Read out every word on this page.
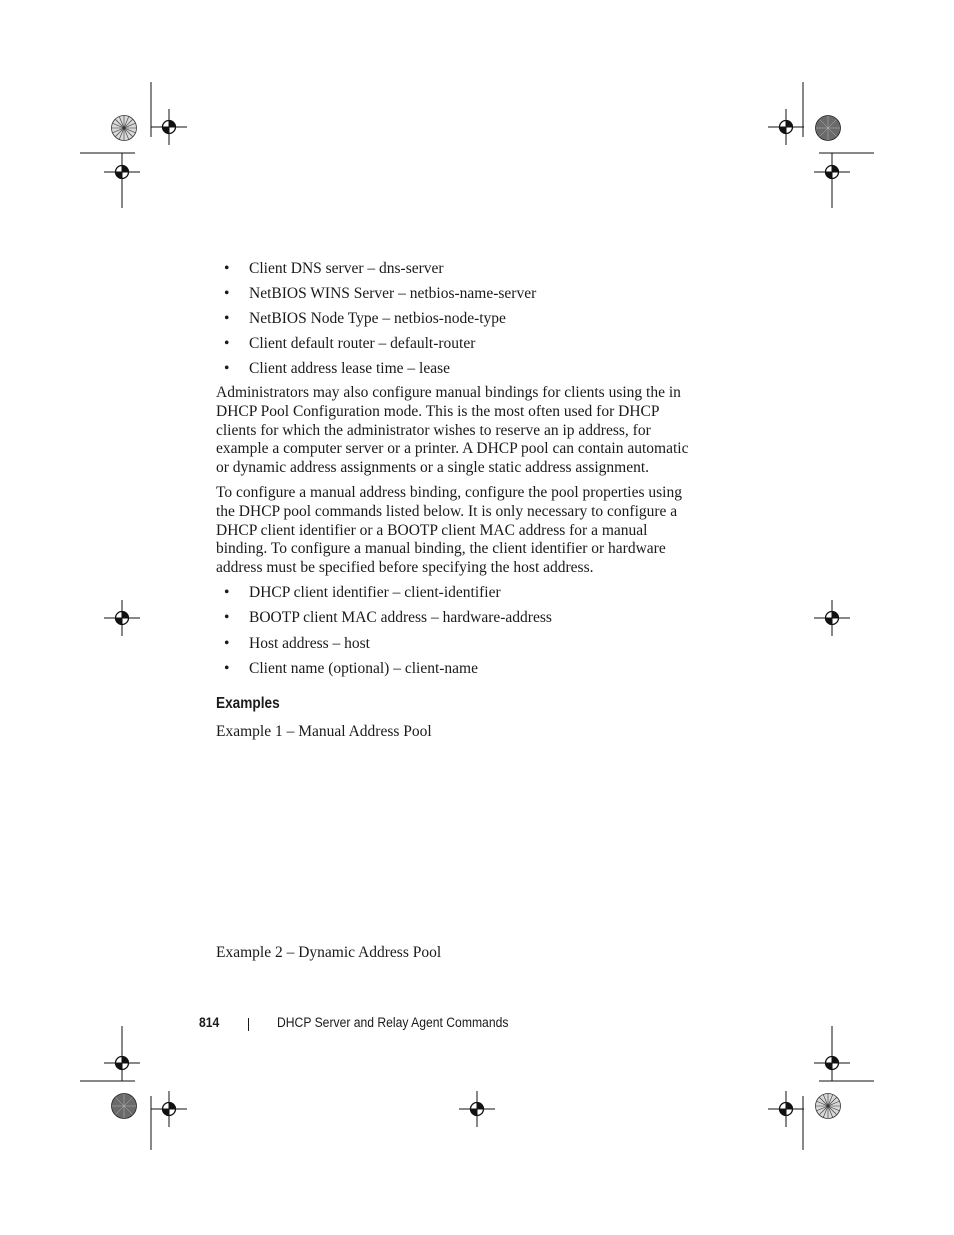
• Client DNS server – dns-server
• NetBIOS WINS Server – netbios-name-server
• NetBIOS Node Type – netbios-node-type
• Client default router – default-router
• Client address lease time – lease

Administrators may also configure manual bindings for clients using the in
DHCP Pool Configuration mode. This is the most often used for DHCP
clients for which the administrator wishes to reserve an ip address, for
example a computer server or a printer. A DHCP pool can contain automatic
or dynamic address assignments or a single static address assignment.

To configure a manual address binding, configure the pool properties using
the DHCP pool commands listed below. It is only necessary to configure a
DHCP client identifier or a BOOTP client MAC address for a manual
binding. To configure a manual binding, the client identifier or hardware
address must be specified before specifying the host address.

• DHCP client identifier – client-identifier
• BOOTP client MAC address – hardware-address
• Host address – host
• Client name (optional) – client-name
Examples

Example 1 – Manual Address Pool

Example 2 – Dynamic Address Pool

814	DHCP Server and Relay Agent Commands
